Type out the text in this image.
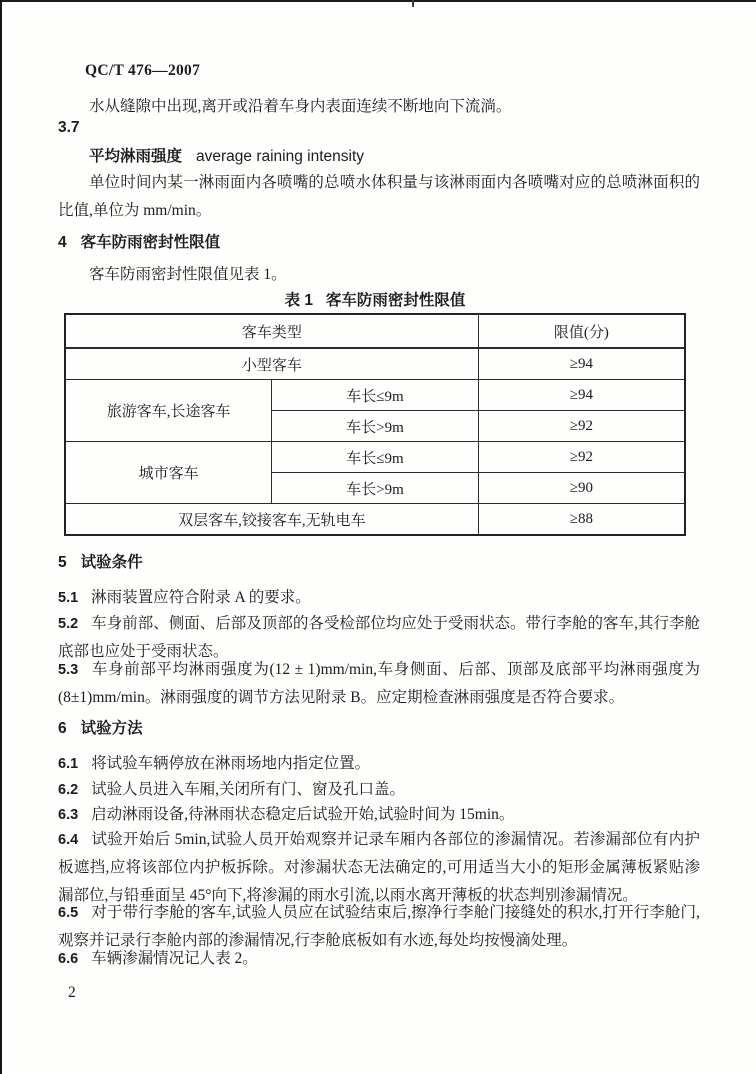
QC/T 476—2007
水从缝隙中出现,离开或沿着车身内表面连续不断地向下流淌。
3.7
平均淋雨强度 average raining intensity
单位时间内某一淋雨面内各喷嘴的总喷水体积量与该淋雨面内各喷嘴对应的总喷淋面积的比值,单位为 mm/min。
4 客车防雨密封性限值
客车防雨密封性限值见表 1。
表 1   客车防雨密封性限值
客车类型		限值(分)
小型客车		≥94
旅游客车,长途客车	车长≤9m	≥94
	车长>9m	≥92
城市客车	车长≤9m	≥92
	车长>9m	≥90
双层客车,铰接客车,无轨电车		≥88
5 试验条件
5.1 淋雨装置应符合附录 A 的要求。
5.2 车身前部、侧面、后部及顶部的各受检部位均应处于受雨状态。带行李舱的客车,其行李舱底部也应处于受雨状态。
5.3 车身前部平均淋雨强度为(12 ± 1)mm/min,车身侧面、后部、顶部及底部平均淋雨强度为(8±1)mm/min。淋雨强度的调节方法见附录 B。应定期检查淋雨强度是否符合要求。
6 试验方法
6.1 将试验车辆停放在淋雨场地内指定位置。
6.2 试验人员进入车厢,关闭所有门、窗及孔口盖。
6.3 启动淋雨设备,待淋雨状态稳定后试验开始,试验时间为 15min。
6.4 试验开始后 5min,试验人员开始观察并记录车厢内各部位的渗漏情况。若渗漏部位有内护板遮挡,应将该部位内护板拆除。对渗漏状态无法确定的,可用适当大小的矩形金属薄板紧贴渗漏部位,与铅垂面呈 45°向下,将渗漏的雨水引流,以雨水离开薄板的状态判别渗漏情况。
6.5 对于带行李舱的客车,试验人员应在试验结束后,擦净行李舱门接缝处的积水,打开行李舱门,观察并记录行李舱内部的渗漏情况,行李舱底板如有水迹,每处均按慢滴处理。
6.6 车辆渗漏情况记人表 2。
2
